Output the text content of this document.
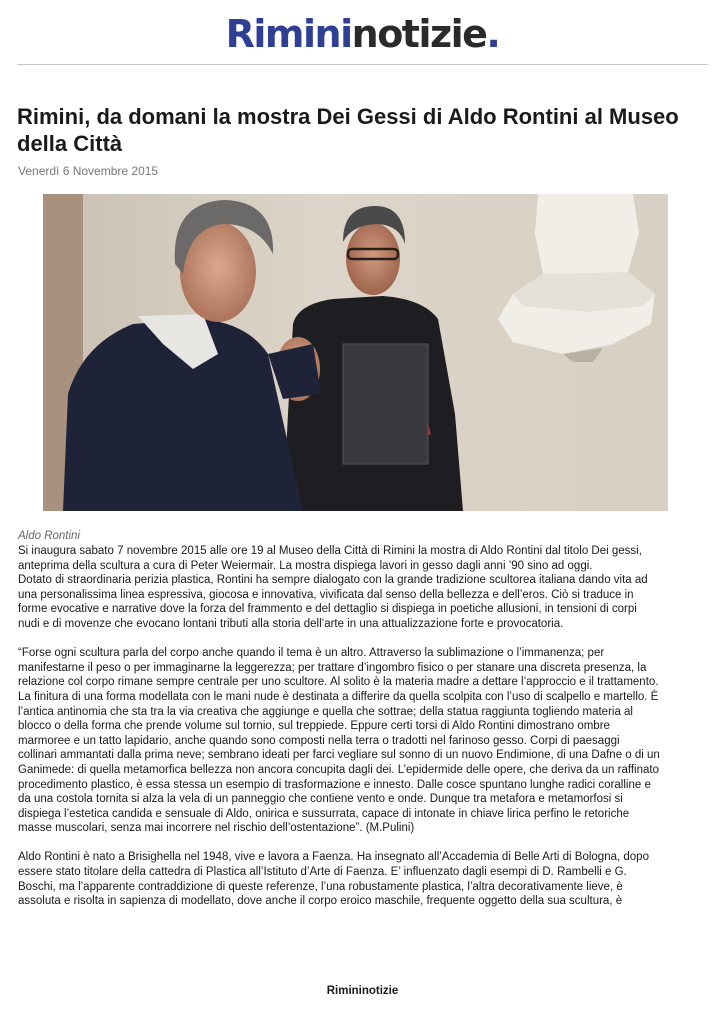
Rimininotizie.
Rimini, da domani la mostra Dei Gessi di Aldo Rontini al Museo della Città
Venerdì 6 Novembre 2015
Aldo Rontini

Si inaugura sabato 7 novembre 2015 alle ore 19 al Museo della Città di Rimini la mostra di Aldo Rontini dal titolo Dei gessi,
anteprima della scultura a cura di Peter Weiermair. La mostra dispiega lavori in gesso dagli anni ’90 sino ad oggi.
Dotato di straordinaria perizia plastica, Rontini ha sempre dialogato con la grande tradizione scultorea italiana dando vita ad
una personalissima linea espressiva, giocosa e innovativa, vivificata dal senso della bellezza e dell’eros. Ciò si traduce in
forme evocative e narrative dove la forza del frammento e del dettaglio si dispiega in poetiche allusioni, in tensioni di corpi
nudi e di movenze che evocano lontani tributi alla storia dell’arte in una attualizzazione forte e provocatoria.

“Forse ogni scultura parla del corpo anche quando il tema è un altro. Attraverso la sublimazione o l’immanenza; per
manifestarne il peso o per immaginarne la leggerezza; per trattare d’ingombro fisico o per stanare una discreta presenza, la
relazione col corpo rimane sempre centrale per uno scultore. Al solito è la materia madre a dettare l’approccio e il trattamento.
La finitura di una forma modellata con le mani nude è destinata a differire da quella scolpita con l’uso di scalpello e martello. È
l’antica antinomia che sta tra la via creativa che aggiunge e quella che sottrae; della statua raggiunta togliendo materia al
blocco o della forma che prende volume sul tornio, sul treppiede. Eppure certi torsi di Aldo Rontini dimostrano ombre
marmoree e un tatto lapidario, anche quando sono composti nella terra o tradotti nel farinoso gesso. Corpi di paesaggi
collinari ammantati dalla prima neve; sembrano ideati per farci vegliare sul sonno di un nuovo Endimione, di una Dafne o di un
Ganimede: di quella metamorfica bellezza non ancora concupita dagli dei. L’epidermide delle opere, che deriva da un raffinato
procedimento plastico, è essa stessa un esempio di trasformazione e innesto. Dalle cosce spuntano lunghe radici coralline e
da una costola tornita si alza la vela di un panneggio che contiene vento e onde. Dunque tra metafora e metamorfosi si
dispiega l’estetica candida e sensuale di Aldo, onirica e sussurrata, capace di intonate in chiave lirica perfino le retoriche
masse muscolari, senza mai incorrere nel rischio dell’ostentazione”. (M.Pulini)

Aldo Rontini è nato a Brisighella nel 1948, vive e lavora a Faenza. Ha insegnato all’Accademia di Belle Arti di Bologna, dopo
essere stato titolare della cattedra di Plastica all’Istituto d’Arte di Faenza. E’ influenzato dagli esempi di D. Rambelli e G.
Boschi, ma l’apparente contraddizione di queste referenze, l’una robustamente plastica, l’altra decorativamente lieve, è
assoluta e risolta in sapienza di modellato, dove anche il corpo eroico maschile, frequente oggetto della sua scultura, è

Rimininotizie
